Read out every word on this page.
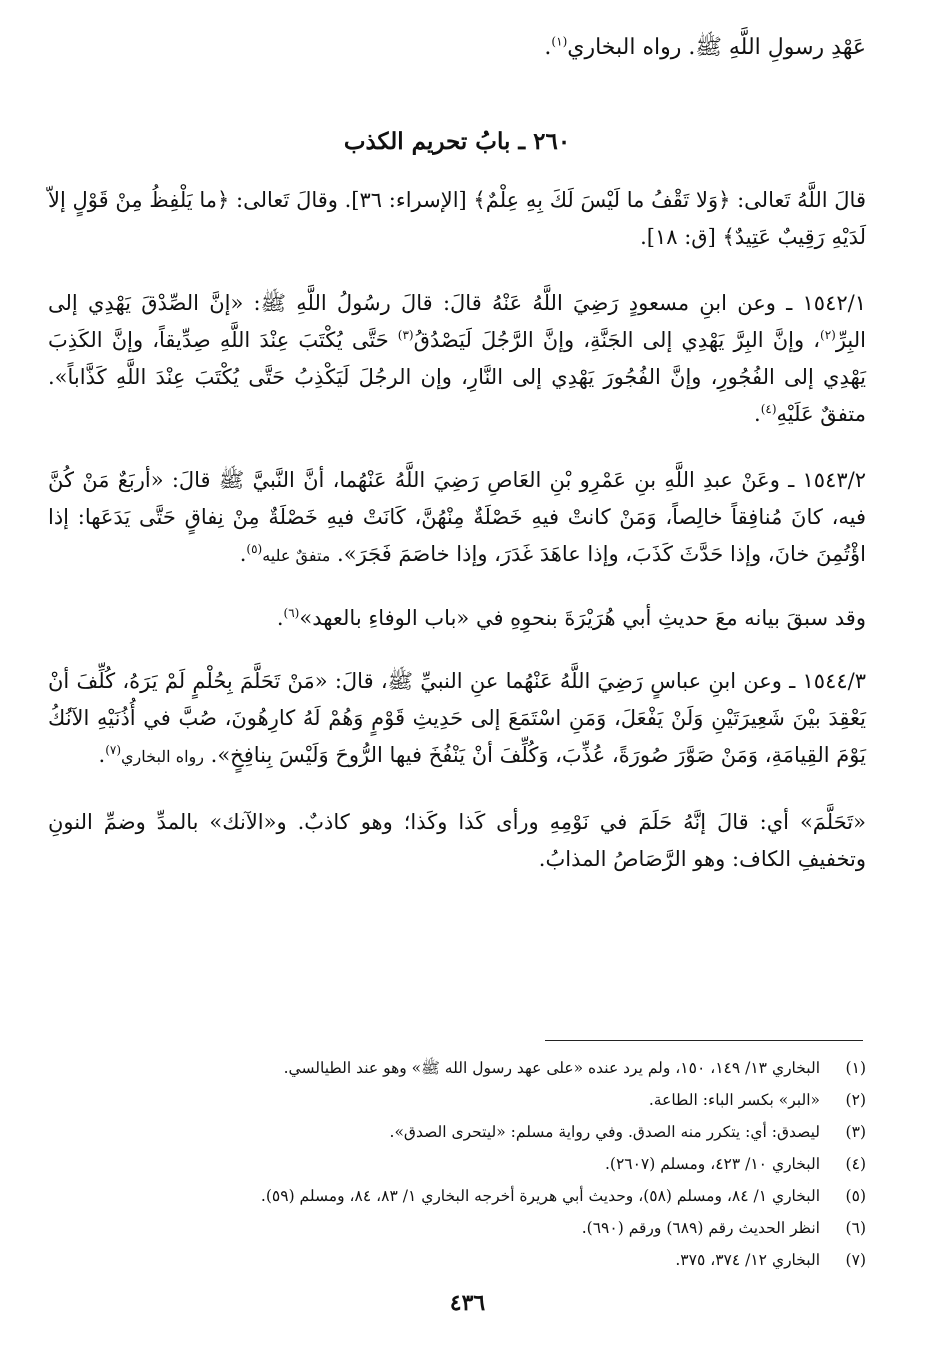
عَهْدِ رسولِ اللَّهِ ﷺ. رواه البخاري$^{(١)}$.
٢٦٠ ـ بابُ تحريم الكذب

قالَ اللَّهُ تَعالى: ﴿وَلا تَقْفُ ما لَيْسَ لَكَ بِهِ عِلْمٌ﴾ [الإسراء: ٣٦]. وقالَ تَعالى: ﴿ما يَلْفِظُ مِنْ قَوْلٍ إلاّ لَدَيْهِ رَقِيبٌ عَتِيدٌ﴾ [ق: ١٨].

١٥٤٢/١ ـ وعن ابنِ مسعودٍ رَضِيَ اللَّهُ عَنْهُ قالَ: قالَ رسُولُ اللَّهِ ﷺ: «إنَّ الصِّدْقَ يَهْدِي إلى البِرِّ$^{(٢)}$، وإنَّ البِرَّ يَهْدِي إلى الجَنَّةِ، وإنَّ الرَّجُلَ لَيَصْدُقُ$^{(٣)}$ حَتَّى يُكْتَبَ عِنْدَ اللَّهِ صِدِّيقاً، وإنَّ الكَذِبَ يَهْدِي إلى الفُجُورِ، وإنَّ الفُجُورَ يَهْدِي إلى النَّارِ، وإن الرجُلَ لَيَكْذِبُ حَتَّى يُكْتَبَ عِنْدَ اللَّهِ كَذَّاباً». متفقٌ عَلَيْهِ$^{(٤)}$.

١٥٤٣/٢ ـ وعَنْ عبدِ اللَّهِ بنِ عَمْرِو بْنِ العَاصِ رَضِيَ اللَّهُ عَنْهُما، أنَّ النَّبيَّ ﷺ قالَ: «أربَعٌ مَنْ كُنَّ فيه، كانَ مُنافِقاً خالِصاً، وَمَنْ كانتْ فيهِ خَصْلَةٌ مِنْهُنَّ، كَانَتْ فيهِ خَصْلَةٌ مِنْ نِفاقٍ حَتَّى يَدَعَها: إذا اؤْتُمِنَ خانَ، وإذا حَدَّثَ كَذَبَ، وإذا عاهَدَ غَدَرَ، وإذا خاصَمَ فَجَرَ». متفقٌ عليه$^{(٥)}$.

وقد سبقَ بيانه معَ حديثِ أبي هُرَيْرَةَ بنحوِهِ في «باب الوفاءِ بالعهد»$^{(٦)}$.

١٥٤٤/٣ ـ وعن ابنِ عباسٍ رَضِيَ اللَّهُ عَنْهُما عنِ النبيِّ ﷺ، قالَ: «مَنْ تَحَلَّمَ بِحُلْمٍ لَمْ يَرَهُ، كُلِّفَ أنْ يَعْقِدَ بيْنَ شَعِيرَتَيْنِ وَلَنْ يَفْعَلَ، وَمَنِ اسْتَمَعَ إلى حَدِيثِ قَوْمٍ وَهُمْ لَهُ كارِهُونَ، صُبَّ في أُذُنَيْهِ الآنُكُ يَوْمَ القِيامَةِ، وَمَنْ صَوَّرَ صُورَةً، عُذِّبَ، وَكُلِّفَ أنْ يَنْفُخَ فيها الرُّوحَ وَلَيْسَ بِنافِخٍ». رواه البخاري$^{(٧)}$.

«تَحَلَّمَ» أي: قالَ إنَّهُ حَلَمَ في نَوْمِهِ ورأى كَذا وكَذا؛ وهو كاذبٌ. و«الآنك» بالمدِّ وضمِّ النونِ وتخفيفِ الكاف: وهو الرَّصَاصُ المذابُ.

(١)
البخاري ١٣/ ١٤٩، ١٥٠، ولم يرد عنده «على عهد رسول الله ﷺ» وهو عند الطيالسي.
(٢)
«البر» بكسر الباء: الطاعة.
(٣)
ليصدق: أي: يتكرر منه الصدق. وفي رواية مسلم: «ليتحرى الصدق».
(٤)
البخاري ١٠/ ٤٢٣، ومسلم (٢٦٠٧).
(٥)
البخاري ١/ ٨٤، ومسلم (٥٨)، وحديث أبي هريرة أخرجه البخاري ١/ ٨٣، ٨٤، ومسلم (٥٩).
(٦)
انظر الحديث رقم (٦٨٩) ورقم (٦٩٠).
(٧)
البخاري ١٢/ ٣٧٤، ٣٧٥.
٤٣٦
